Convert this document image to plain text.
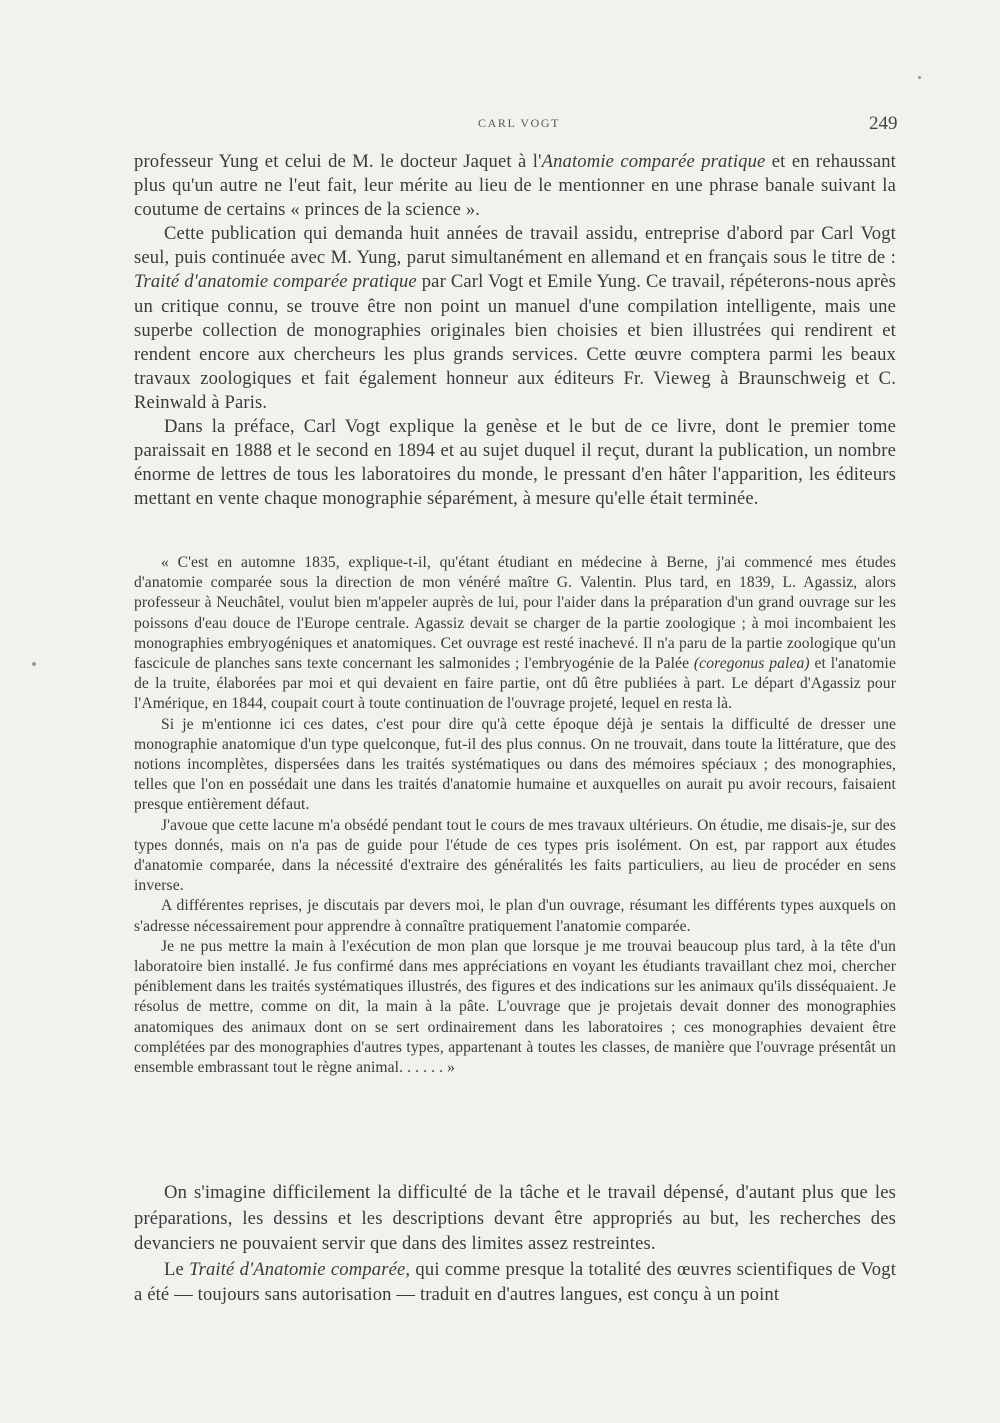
CARL VOGT	249

professeur Yung et celui de M. le docteur Jaquet à l'Anatomie comparée pratique et en rehaussant plus qu'un autre ne l'eut fait, leur mérite au lieu de le mentionner en une phrase banale suivant la coutume de certains « princes de la science ».

Cette publication qui demanda huit années de travail assidu, entreprise d'abord par Carl Vogt seul, puis continuée avec M. Yung, parut simultanément en allemand et en français sous le titre de : Traité d'anatomie comparée pratique par Carl Vogt et Emile Yung. Ce travail, répéterons-nous après un critique connu, se trouve être non point un manuel d'une compilation intelligente, mais une superbe collection de monographies originales bien choisies et bien illustrées qui rendirent et rendent encore aux chercheurs les plus grands services. Cette œuvre comptera parmi les beaux travaux zoologiques et fait également honneur aux éditeurs Fr. Vieweg à Braunschweig et C. Reinwald à Paris.

Dans la préface, Carl Vogt explique la genèse et le but de ce livre, dont le premier tome paraissait en 1888 et le second en 1894 et au sujet duquel il reçut, durant la publication, un nombre énorme de lettres de tous les laboratoires du monde, le pressant d'en hâter l'apparition, les éditeurs mettant en vente chaque monographie séparément, à mesure qu'elle était terminée.

« C'est en automne 1835, explique-t-il, qu'étant étudiant en médecine à Berne, j'ai commencé mes études d'anatomie comparée sous la direction de mon vénéré maître G. Valentin. Plus tard, en 1839, L. Agassiz, alors professeur à Neuchâtel, voulut bien m'appeler auprès de lui, pour l'aider dans la préparation d'un grand ouvrage sur les poissons d'eau douce de l'Europe centrale. Agassiz devait se charger de la partie zoologique ; à moi incombaient les monographies embryogéniques et anatomiques. Cet ouvrage est resté inachevé. Il n'a paru de la partie zoologique qu'un fascicule de planches sans texte concernant les salmonides ; l'embryogénie de la Palée (coregonus palea) et l'anatomie de la truite, élaborées par moi et qui devaient en faire partie, ont dû être publiées à part. Le départ d'Agassiz pour l'Amérique, en 1844, coupait court à toute continuation de l'ouvrage projeté, lequel en resta là.

Si je m'entionne ici ces dates, c'est pour dire qu'à cette époque déjà je sentais la difficulté de dresser une monographie anatomique d'un type quelconque, fut-il des plus connus. On ne trouvait, dans toute la littérature, que des notions incomplètes, dispersées dans les traités systématiques ou dans des mémoires spéciaux ; des monographies, telles que l'on en possédait une dans les traités d'anatomie humaine et auxquelles on aurait pu avoir recours, faisaient presque entièrement défaut.

J'avoue que cette lacune m'a obsédé pendant tout le cours de mes travaux ultérieurs. On étudie, me disais-je, sur des types donnés, mais on n'a pas de guide pour l'étude de ces types pris isolément. On est, par rapport aux études d'anatomie comparée, dans la nécessité d'extraire des généralités les faits particuliers, au lieu de procéder en sens inverse.

A différentes reprises, je discutais par devers moi, le plan d'un ouvrage, résumant les différents types auxquels on s'adresse nécessairement pour apprendre à connaître pratiquement l'anatomie comparée.

Je ne pus mettre la main à l'exécution de mon plan que lorsque je me trouvai beaucoup plus tard, à la tête d'un laboratoire bien installé. Je fus confirmé dans mes appréciations en voyant les étudiants travaillant chez moi, chercher péniblement dans les traités systématiques illustrés, des figures et des indications sur les animaux qu'ils disséquaient. Je résolus de mettre, comme on dit, la main à la pâte. L'ouvrage que je projetais devait donner des monographies anatomiques des animaux dont on se sert ordinairement dans les laboratoires ; ces monographies devaient être complétées par des monographies d'autres types, appartenant à toutes les classes, de manière que l'ouvrage présentât un ensemble embrassant tout le règne animal. . . . . . »

On s'imagine difficilement la difficulté de la tâche et le travail dépensé, d'autant plus que les préparations, les dessins et les descriptions devant être appropriés au but, les recherches des devanciers ne pouvaient servir que dans des limites assez restreintes.

Le Traité d'Anatomie comparée, qui comme presque la totalité des œuvres scientifiques de Vogt a été — toujours sans autorisation — traduit en d'autres langues, est conçu à un point
